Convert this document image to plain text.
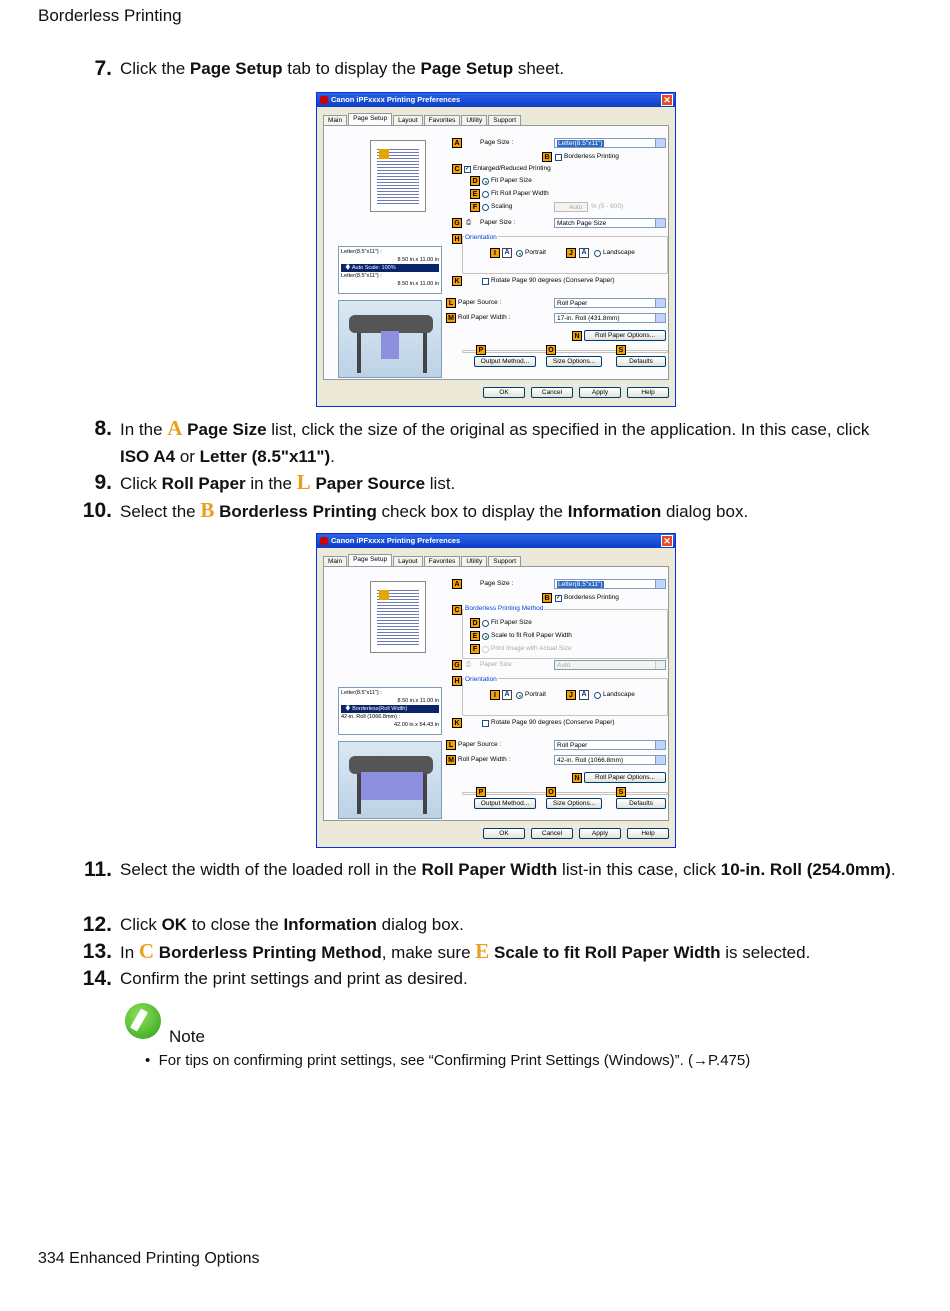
Borderless Printing
7. Click the Page Setup tab to display the Page Setup sheet.
Canon iPFxxxx Printing Preferences	✕
Main	Page Setup	Layout	Favorites	Utility	Support
Letter(8.5"x11") :
8.50 in.x 11.00 in
🡇 Auto Scale: 100%
Letter(8.5"x11") :
8.50 in.x 11.00 in
A	Page Size :	Letter(8.5"x11")
B	Borderless Printing
C ✓ Enlarged/Reduced Printing
D	Fit Paper Size
E	Fit Roll Paper Width
F	Scaling	Auto	% (5 - 600)
G ⎙ Paper Size :	Match Page Size
H Orientation
I	A	Portrait	J	A	Landscape
K	Rotate Page 90 degrees (Conserve Paper)
L Paper Source :	Roll Paper
M Roll Paper Width :	17-in. Roll (431.8mm)
N	Roll Paper Options...
P	O	S
Output Method...	Size Options...	Defaults
OK	Cancel	Apply	Help
8. In the A Page Size list, click the size of the original as specified in the application. In this case, click ISO A4 or Letter (8.5"x11").
9. Click Roll Paper in the L Paper Source list.
10. Select the B Borderless Printing check box to display the Information dialog box.
Canon iPFxxxx Printing Preferences	✕
Main	Page Setup	Layout	Favorites	Utility	Support
Letter(8.5"x11") :
8.50 in.x 11.00 in
🡇 Borderless(Roll Width)
42-in. Roll (1066.8mm) :
42.00 in.x 54.43 in
A	Page Size :	Letter(8.5"x11")
B	✓ Borderless Printing
C Borderless Printing Method
D	Fit Paper Size
E	Scale to fit Roll Paper Width
F	Print Image with Actual Size
G ⎙ Paper Size :	Auto
H Orientation
I	A	Portrait	J	A	Landscape
K	Rotate Page 90 degrees (Conserve Paper)
L Paper Source :	Roll Paper
M Roll Paper Width :	42-in. Roll (1066.8mm)
N	Roll Paper Options...
P	O	S
Output Method...	Size Options...	Defaults
OK	Cancel	Apply	Help
11. Select the width of the loaded roll in the Roll Paper Width list-in this case, click 10-in. Roll (254.0mm).
12. Click OK to close the Information dialog box.
13. In C Borderless Printing Method, make sure E Scale to fit Roll Paper Width is selected.
14. Confirm the print settings and print as desired.
Note
• For tips on confirming print settings, see “Confirming Print Settings (Windows)”. (→P.475)
334 Enhanced Printing Options
